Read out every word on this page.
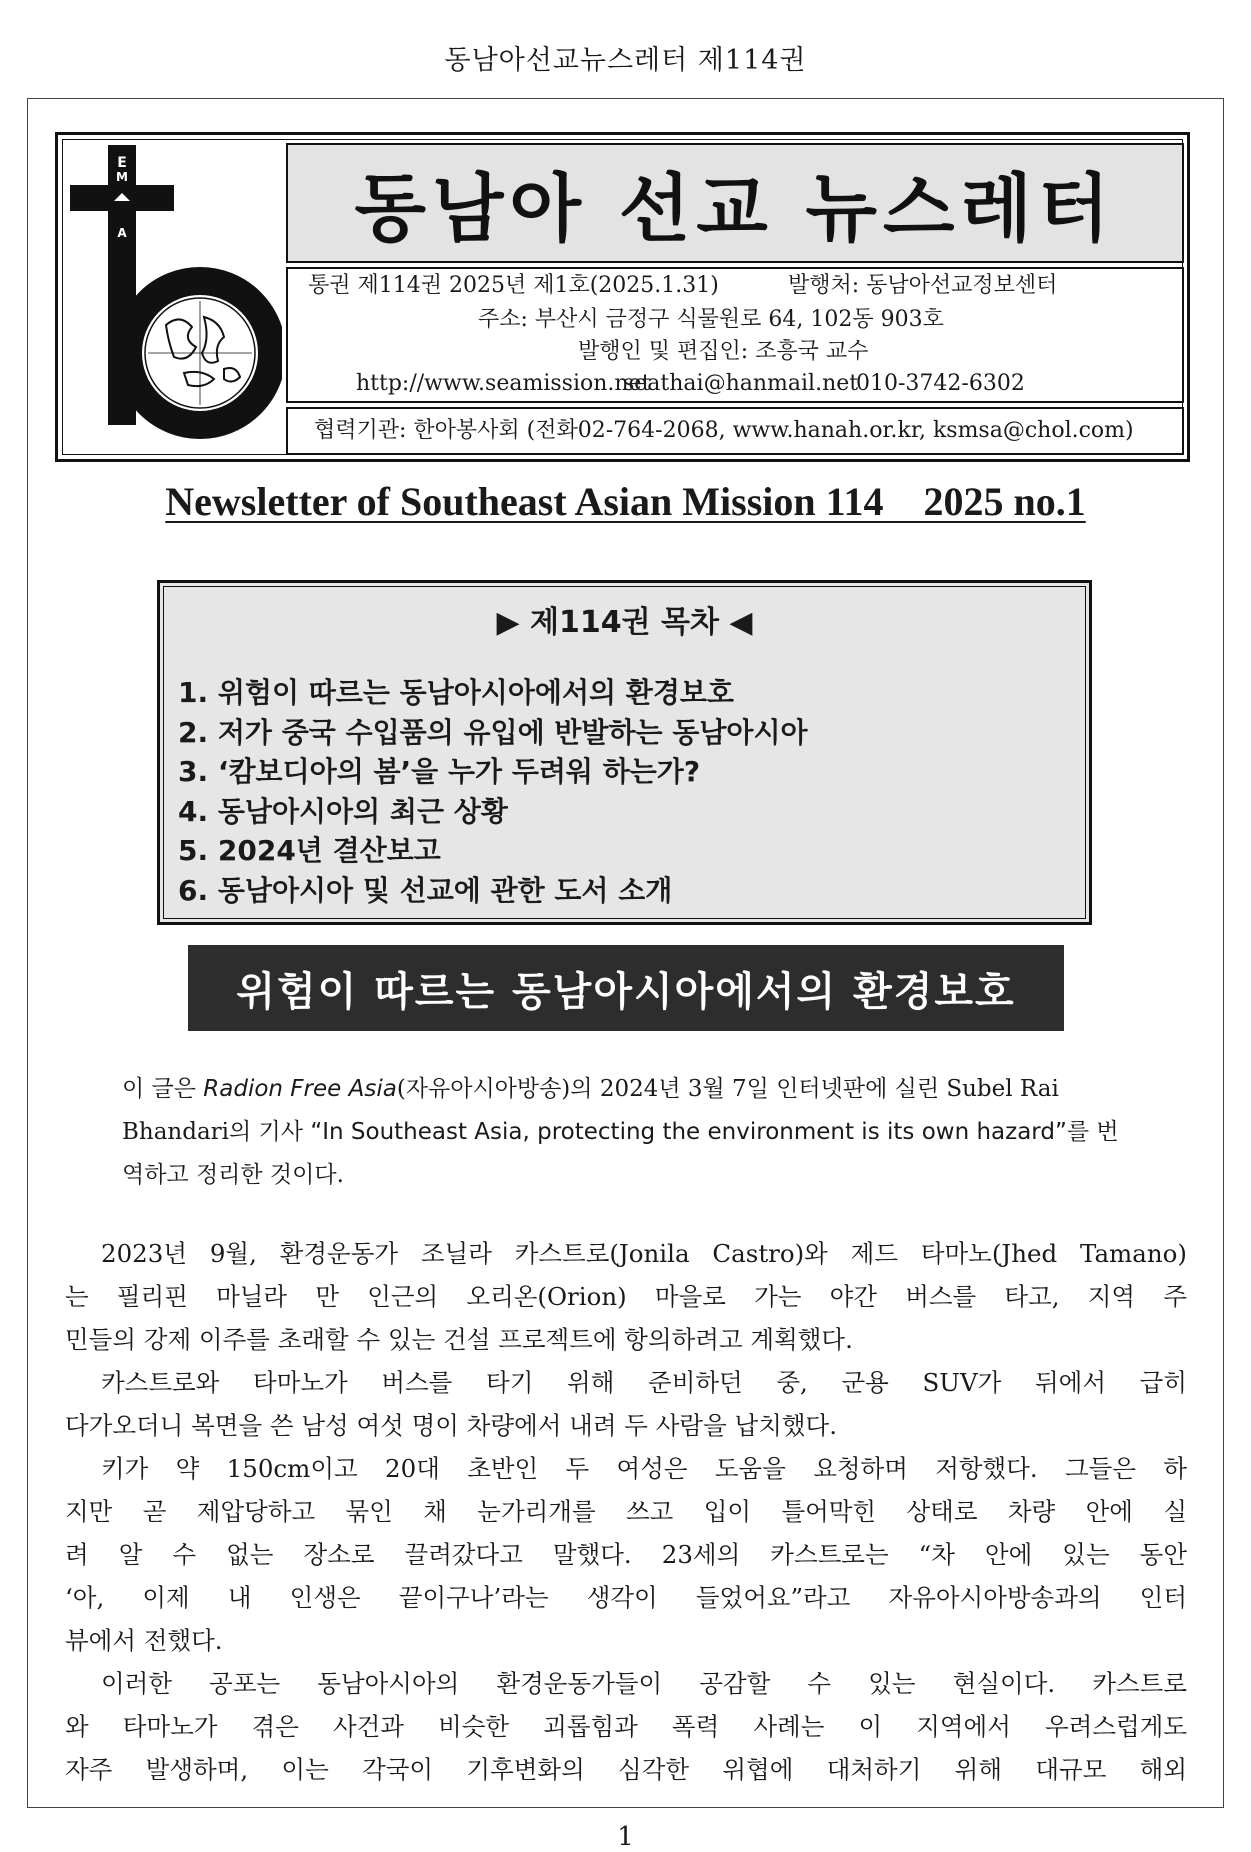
동남아선교뉴스레터 제114권
E
M
A	동남아 선교 뉴스레터
통권 제114권 2025년 제1호(2025.1.31)	발행처: 동남아선교정보센터
주소: 부산시 금정구 식물원로 64, 102동 903호
발행인 및 편집인: 조흥국 교수
http://www.seamission.net
seathai@hanmail.net
010-3742-6302
협력기관: 한아봉사회 (전화02-764-2068, www.hanah.or.kr, ksmsa@chol.com)
Newsletter of Southeast Asian Mission 114    2025 no.1
▶ 제114권 목차 ◀
1. 위험이 따르는 동남아시아에서의 환경보호
2. 저가 중국 수입품의 유입에 반발하는 동남아시아
3. ‘캄보디아의 봄’을 누가 두려워 하는가?
4. 동남아시아의 최근 상황
5. 2024년 결산보고
6. 동남아시아 및 선교에 관한 도서 소개
위험이 따르는 동남아시아에서의 환경보호
이 글은 Radion Free Asia(자유아시아방송)의 2024년 3월 7일 인터넷판에 실린 Subel Rai
Bhandari의 기사 “In Southeast Asia, protecting the environment is its own hazard”를 번
역하고 정리한 것이다.

2023년 9월, 환경운동가 조닐라 카스트로(Jonila Castro)와 제드 타마노(Jhed Tamano)

는 필리핀 마닐라 만 인근의 오리온(Orion) 마을로 가는 야간 버스를 타고, 지역 주

민들의 강제 이주를 초래할 수 있는 건설 프로젝트에 항의하려고 계획했다.

카스트로와 타마노가 버스를 타기 위해 준비하던 중, 군용 SUV가 뒤에서 급히

다가오더니 복면을 쓴 남성 여섯 명이 차량에서 내려 두 사람을 납치했다.

키가 약 150cm이고 20대 초반인 두 여성은 도움을 요청하며 저항했다. 그들은 하

지만 곧 제압당하고 묶인 채 눈가리개를 쓰고 입이 틀어막힌 상태로 차량 안에 실

려 알 수 없는 장소로 끌려갔다고 말했다. 23세의 카스트로는 “차 안에 있는 동안

‘아, 이제 내 인생은 끝이구나’라는 생각이 들었어요”라고 자유아시아방송과의 인터

뷰에서 전했다.

이러한 공포는 동남아시아의 환경운동가들이 공감할 수 있는 현실이다. 카스트로

와 타마노가 겪은 사건과 비슷한 괴롭힘과 폭력 사례는 이 지역에서 우려스럽게도

자주 발생하며, 이는 각국이 기후변화의 심각한 위협에 대처하기 위해 대규모 해외

1
